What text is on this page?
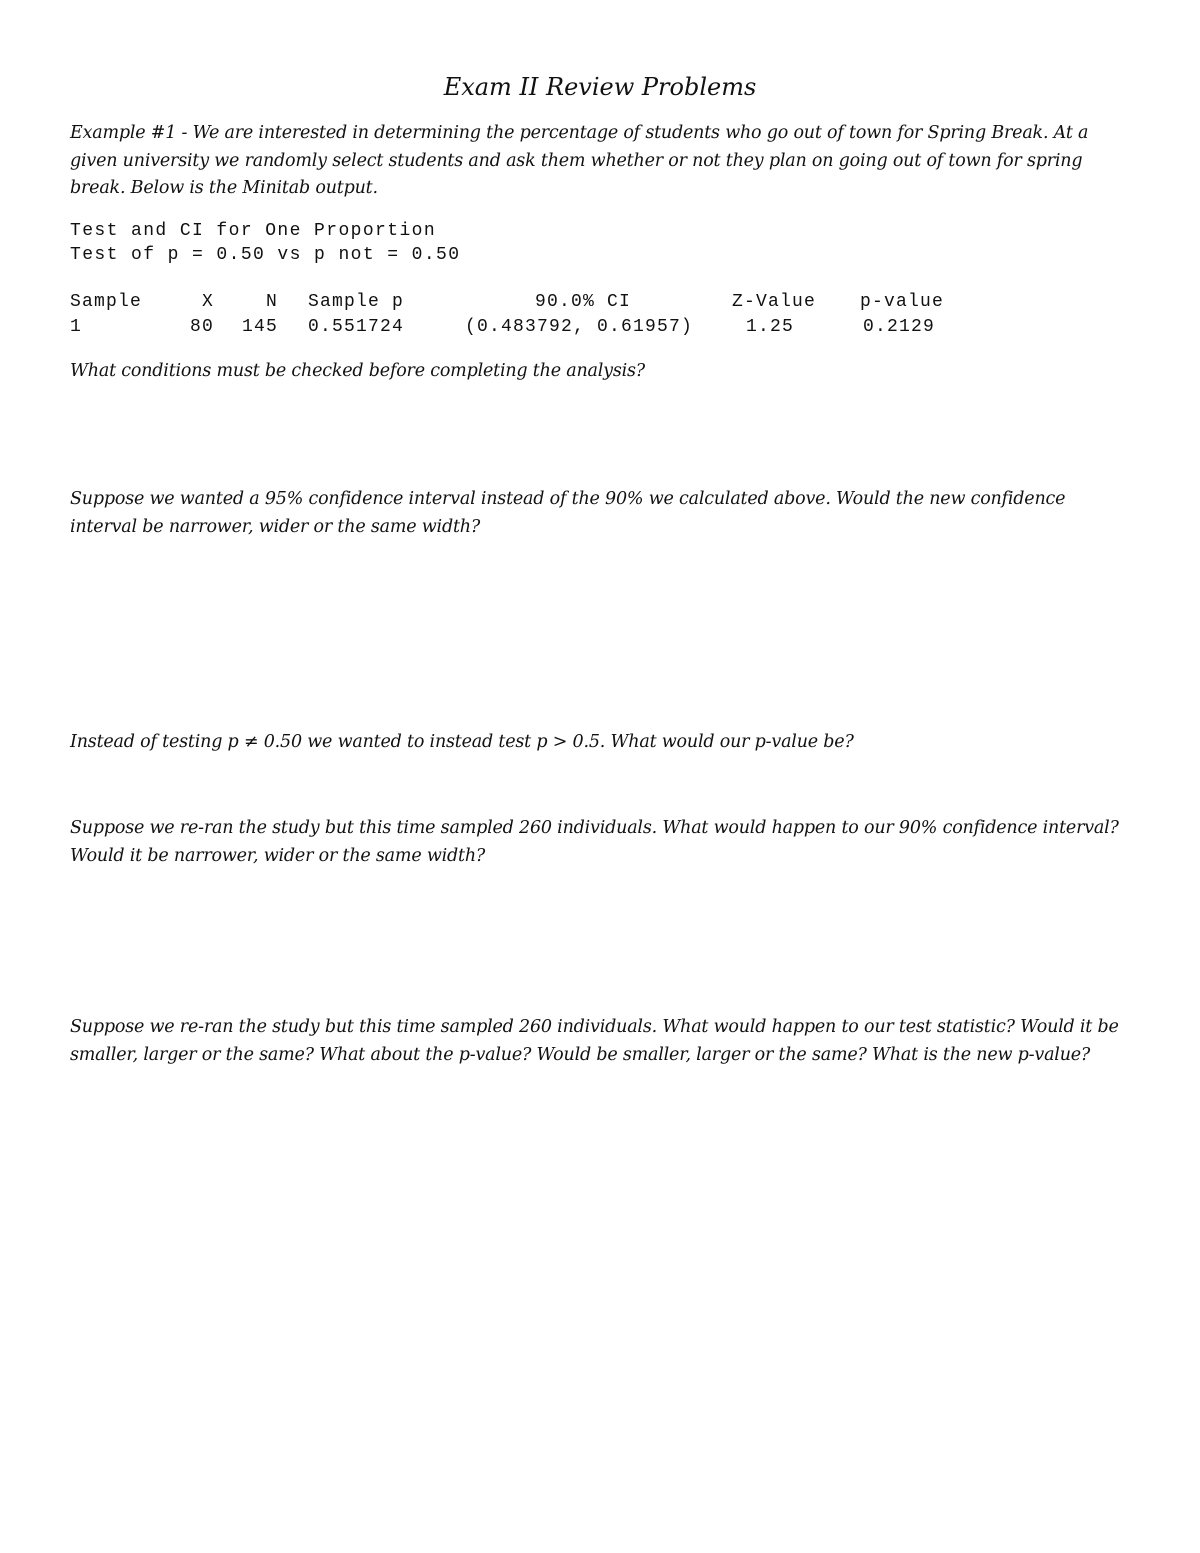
Exam II Review Problems

Example #1 - We are interested in determining the percentage of students who go out of town for Spring Break. At a given university we randomly select students and ask them whether or not they plan on going out of town for spring break. Below is the Minitab output.

Test and CI for One Proportion
Test of p = 0.50 vs p not = 0.50
Sample	X	N Sample p	90.0% CI	Z-Value p-value
1	80	145 0.551724	(0.483792, 0.61957)	1.25	0.2129

What conditions must be checked before completing the analysis?

Suppose we wanted a 95% confidence interval instead of the 90% we calculated above. Would the new confidence interval be narrower, wider or the same width?

Instead of testing p ≠ 0.50 we wanted to instead test p > 0.5. What would our p-value be?

Suppose we re-ran the study but this time sampled 260 individuals. What would happen to our 90% confidence interval? Would it be narrower, wider or the same width?

Suppose we re-ran the study but this time sampled 260 individuals. What would happen to our test statistic? Would it be smaller, larger or the same? What about the p-value? Would be smaller, larger or the same? What is the new p-value?
